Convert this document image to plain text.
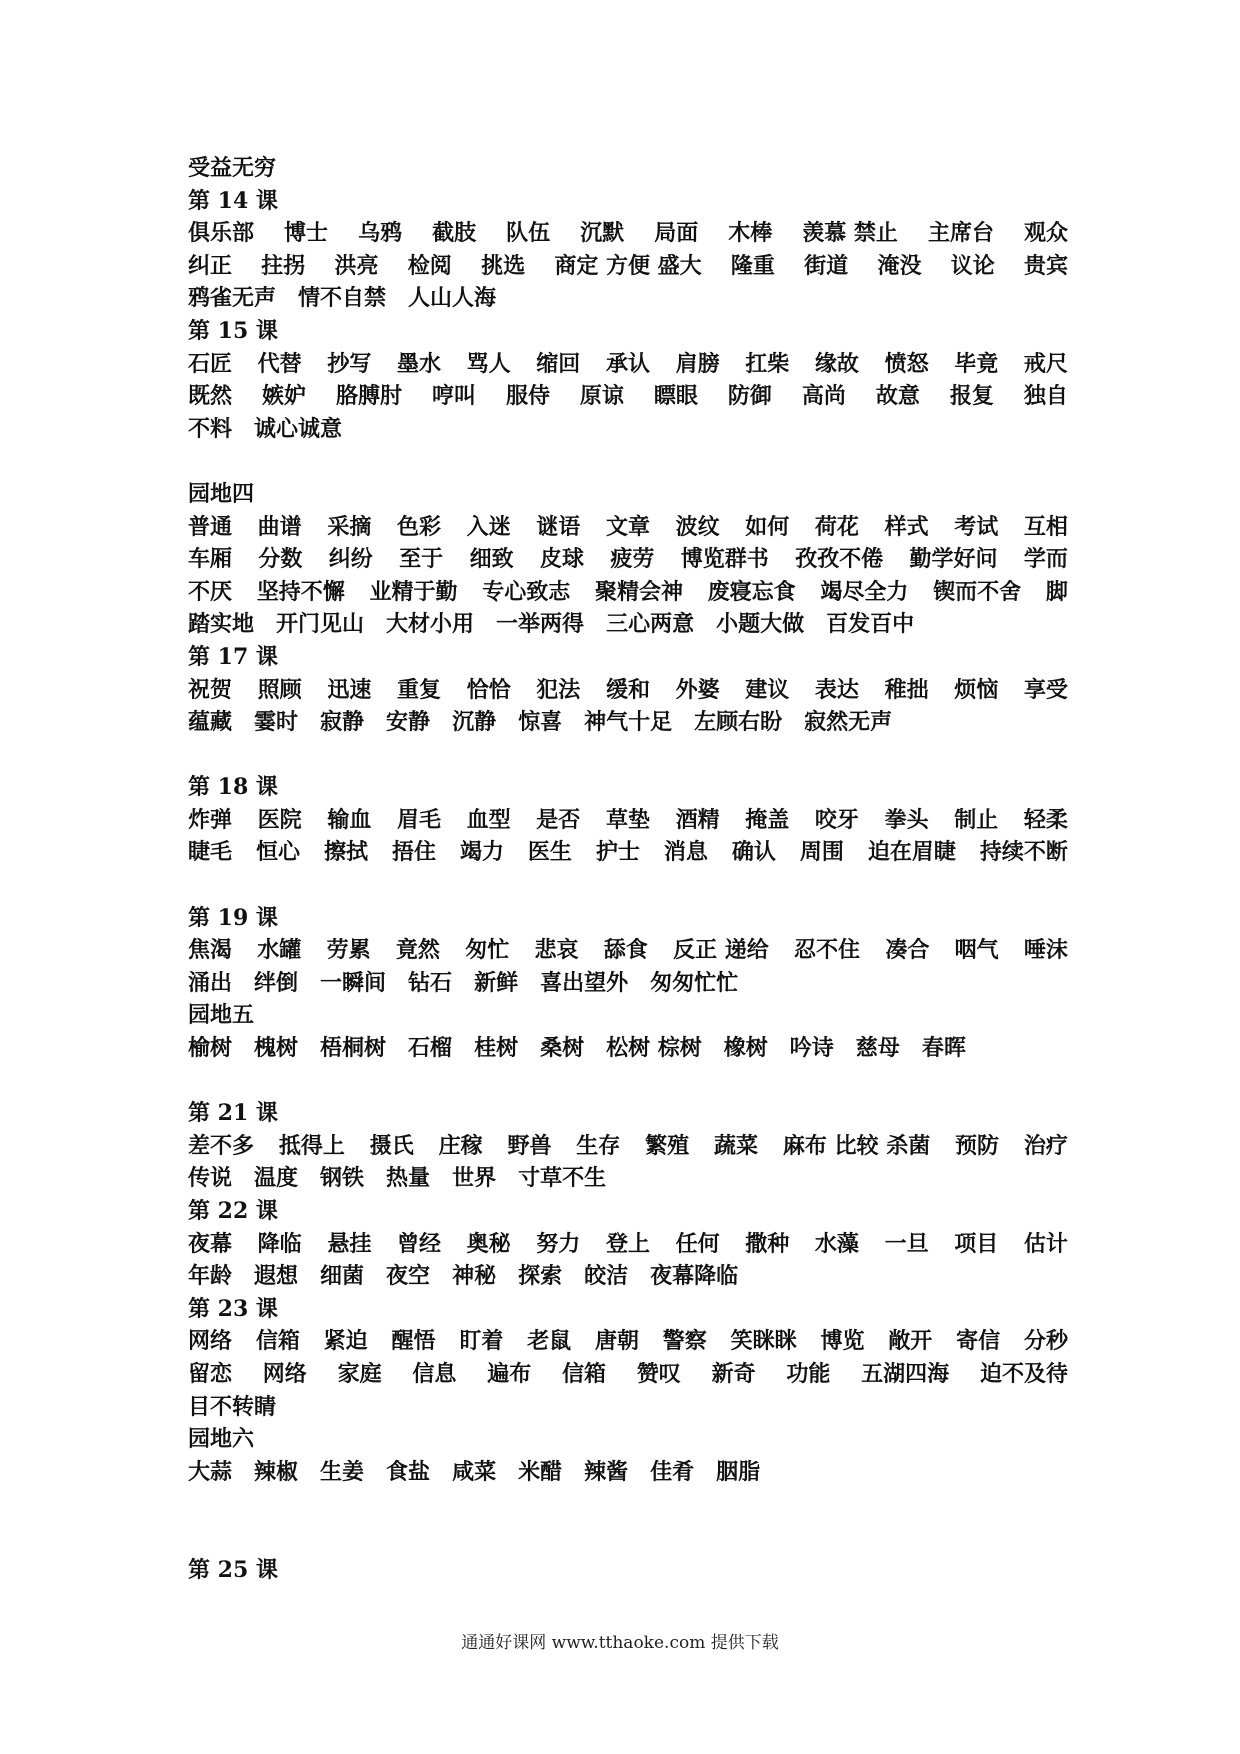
受益无穷
第 14 课
俱乐部 博士 乌鸦 截肢 队伍 沉默 局面 木棒 羡慕 禁止 主席台 观众
纠正 拄拐 洪亮 检阅 挑选 商定 方便 盛大 隆重 街道 淹没 议论 贵宾
鸦雀无声 情不自禁 人山人海
第 15 课
石匠 代替 抄写 墨水 骂人 缩回 承认 肩膀 扛柴 缘故 愤怒 毕竟 戒尺
既然 嫉妒 胳膊肘 哼叫 服侍 原谅 瞟眼 防御 高尚 故意 报复 独自
不料 诚心诚意
园地四
普通 曲谱 采摘 色彩 入迷 谜语 文章 波纹 如何 荷花 样式 考试 互相
车厢 分数 纠纷 至于 细致 皮球 疲劳 博览群书 孜孜不倦 勤学好问 学而
不厌 坚持不懈 业精于勤 专心致志 聚精会神 废寝忘食 竭尽全力 锲而不舍 脚
踏实地 开门见山 大材小用 一举两得 三心两意 小题大做 百发百中
第 17 课
祝贺 照顾 迅速 重复 恰恰 犯法 缓和 外婆 建议 表达 稚拙 烦恼 享受
蕴藏 霎时 寂静 安静 沉静 惊喜 神气十足 左顾右盼 寂然无声
第 18 课
炸弹 医院 输血 眉毛 血型 是否 草垫 酒精 掩盖 咬牙 拳头 制止 轻柔
睫毛 恒心 擦拭 捂住 竭力 医生 护士 消息 确认 周围 迫在眉睫 持续不断
第 19 课
焦渴 水罐 劳累 竟然 匆忙 悲哀 舔食 反正 递给 忍不住 凑合 咽气 唾沫
涌出 绊倒 一瞬间 钻石 新鲜 喜出望外 匆匆忙忙
园地五
榆树 槐树 梧桐树 石榴 桂树 桑树 松树 棕树 橡树 吟诗 慈母 春晖
第 21 课
差不多 抵得上 摄氏 庄稼 野兽 生存 繁殖 蔬菜 麻布 比较 杀菌 预防 治疗
传说 温度 钢铁 热量 世界 寸草不生
第 22 课
夜幕 降临 悬挂 曾经 奥秘 努力 登上 任何 撒种 水藻 一旦 项目 估计
年龄 遐想 细菌 夜空 神秘 探索 皎洁 夜幕降临
第 23 课
网络 信箱 紧迫 醒悟 盯着 老鼠 唐朝 警察 笑眯眯 博览 敞开 寄信 分秒
留恋 网络 家庭 信息 遍布 信箱 赞叹 新奇 功能 五湖四海 迫不及待
目不转睛
园地六
大蒜 辣椒 生姜 食盐 咸菜 米醋 辣酱 佳肴 胭脂
第 25 课
通通好课网 www.tthaoke.com 提供下载
